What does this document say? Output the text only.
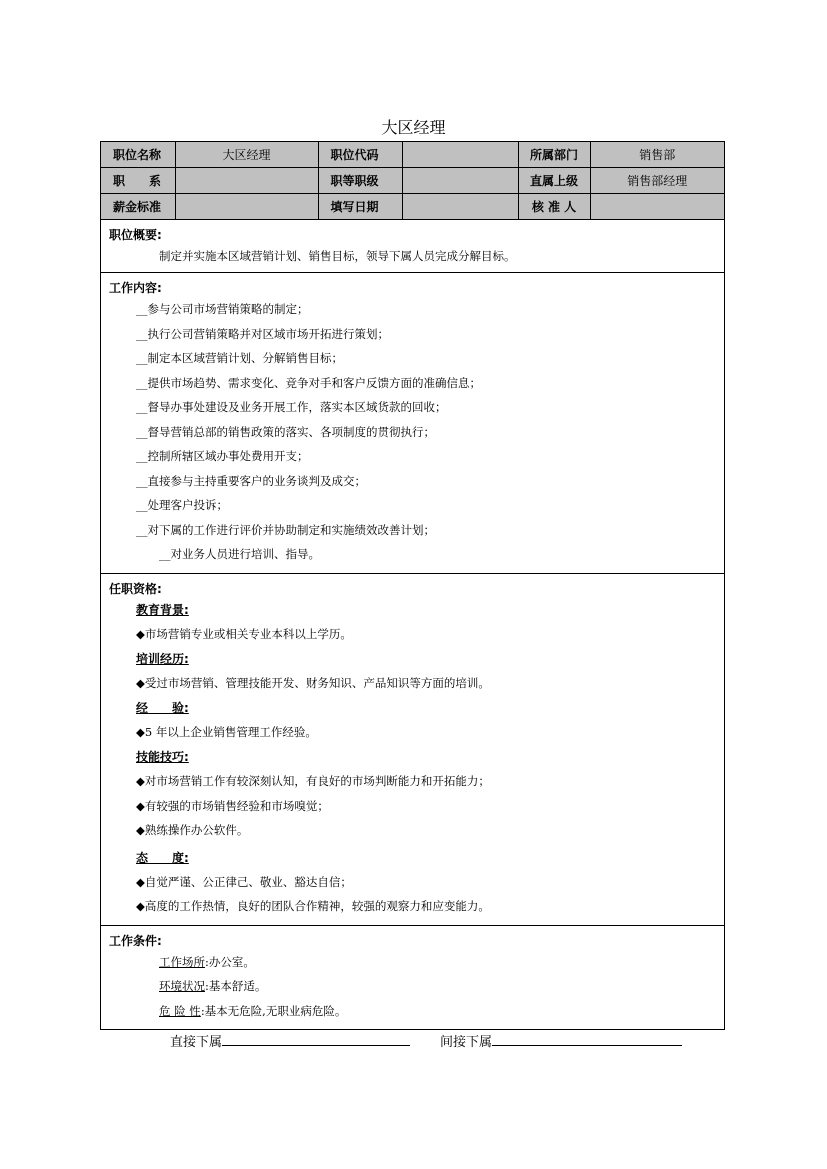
大区经理
职位名称	大区经理	职位代码		所属部门	销售部
职　　系		职等职级		直属上级	销售部经理
薪金标准		填写日期		核 准 人	
职位概要:
制定并实施本区域营销计划、销售目标，领导下属人员完成分解目标。
工作内容:
__参与公司市场营销策略的制定；
__执行公司营销策略并对区域市场开拓进行策划；
__制定本区域营销计划、分解销售目标；
__提供市场趋势、需求变化、竞争对手和客户反馈方面的准确信息；
__督导办事处建设及业务开展工作，落实本区域货款的回收；
__督导营销总部的销售政策的落实、各项制度的贯彻执行；
__控制所辖区域办事处费用开支；
__直接参与主持重要客户的业务谈判及成交；
__处理客户投诉；
__对下属的工作进行评价并协助制定和实施绩效改善计划；
__对业务人员进行培训、指导。
任职资格:
教育背景:
◆市场营销专业或相关专业本科以上学历。
培训经历:
◆受过市场营销、管理技能开发、财务知识、产品知识等方面的培训。
经　　验:
◆5 年以上企业销售管理工作经验。
技能技巧:
◆对市场营销工作有较深刻认知，有良好的市场判断能力和开拓能力；
◆有较强的市场销售经验和市场嗅觉；
◆熟练操作办公软件。
态　　度:
◆自觉严谨、公正律己、敬业、豁达自信；
◆高度的工作热情，良好的团队合作精神，较强的观察力和应变能力。
工作条件:
工作场所:办公室。
环境状况:基本舒适。
危 险 性:基本无危险,无职业病危险。
直接下属	间接下属
